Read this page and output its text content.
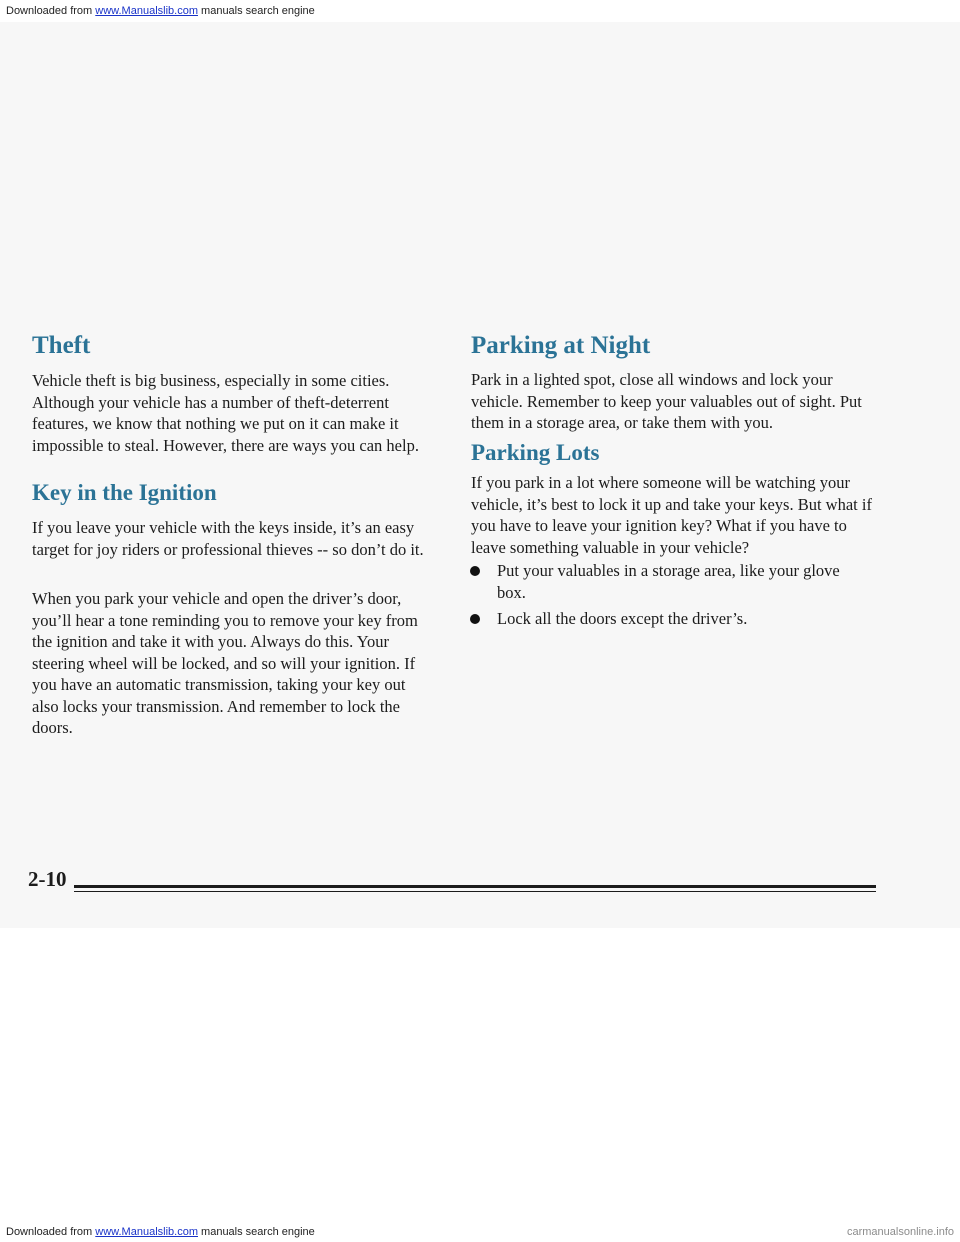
Downloaded from www.Manualslib.com manuals search engine
Theft

Vehicle theft is big business, especially in some cities. Although your vehicle has a number of theft-deterrent features, we know that nothing we put on it can make it impossible to steal. However, there are ways you can help.

Key in the Ignition

If you leave your vehicle with the keys inside, it’s an easy target for joy riders or professional thieves -- so don’t do it.

When you park your vehicle and open the driver’s door, you’ll hear a tone reminding you to remove your key from the ignition and take it with you. Always do this. Your steering wheel will be locked, and so will your ignition. If you have an automatic transmission, taking your key out also locks your transmission. And remember to lock the doors.

Parking at Night

Park in a lighted spot, close all windows and lock your vehicle. Remember to keep your valuables out of sight. Put them in a storage area, or take them with you.

Parking Lots

If you park in a lot where someone will be watching your vehicle, it’s best to lock it up and take your keys. But what if you have to leave your ignition key? What if you have to leave something valuable in your vehicle?

Put your valuables in a storage area, like your glove box.
Lock all the doors except the driver’s.
2-10
Downloaded from www.Manualslib.com manuals search engine	carmanualsonline.info
